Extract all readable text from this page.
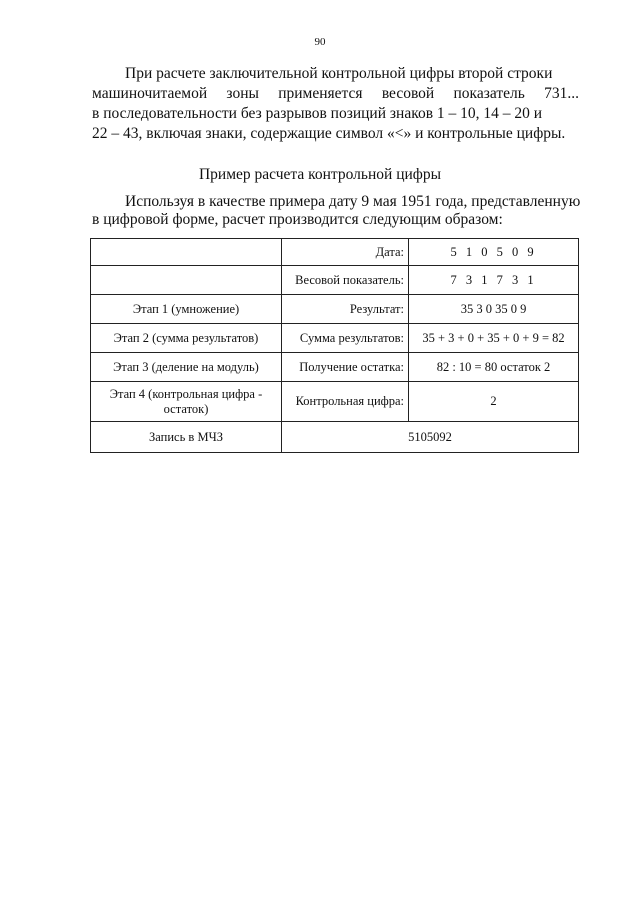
90
При расчете заключительной контрольной цифры второй строки
машиночитаемой зоны применяется весовой показатель 731...
в последовательности без разрывов позиций знаков 1 – 10, 14 – 20 и
22 – 43, включая знаки, содержащие символ «<» и контрольные цифры.
Пример расчета контрольной цифры
Используя в качестве примера дату 9 мая 1951 года, представленную
в цифровой форме, расчет производится следующим образом:
	Дата:	5 1 0 5 0 9
	Весовой показатель:	7 3 1 7 3 1
Этап 1 (умножение)	Результат:	35 3 0 35 0 9
Этап 2 (сумма результатов)	Сумма результатов:	35 + 3 + 0 + 35 + 0 + 9 = 82
Этап 3 (деление на модуль)	Получение остатка:	82 : 10 = 80 остаток 2
Этап 4 (контрольная цифра - остаток)	Контрольная цифра:	2
Запись в МЧЗ	5105092	
